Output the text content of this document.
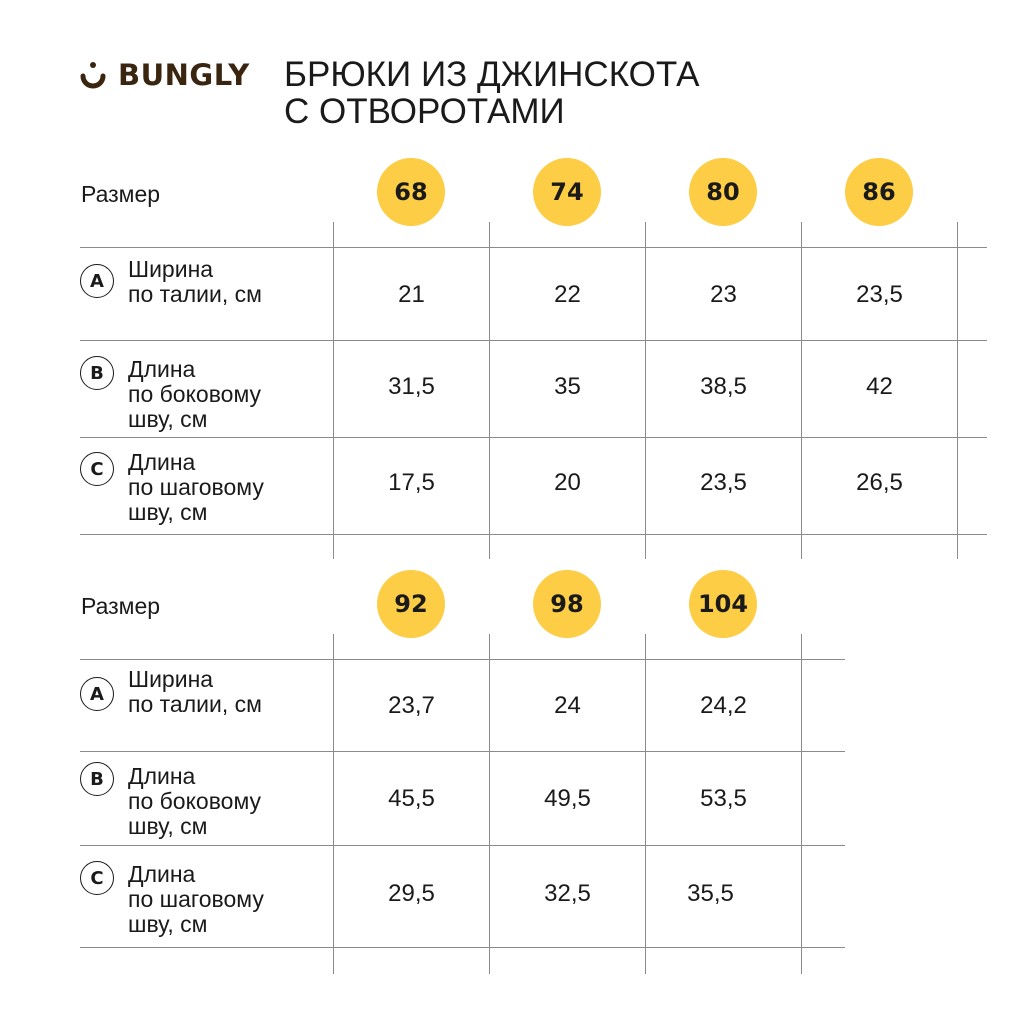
BUNGLY БРЮКИ ИЗ ДЖИНСКОТА
С ОТВОРОТАМИ
Размер	68	74	80	86
A	Ширина
по талии, см	21	22	23	23,5
B	Длина
по боковому
шву, см
31,5	35	38,5	42
C	Длина
по шаговому
шву, см
17,5	20	23,5	26,5
Размер	92	98	104
A
Ширина
по талии, см	23,7	24	24,2
B	Длина
по боковому
шву, см
45,5	49,5	53,5
C	Длина
по шаговому
шву, см
29,5	32,5	35,5
